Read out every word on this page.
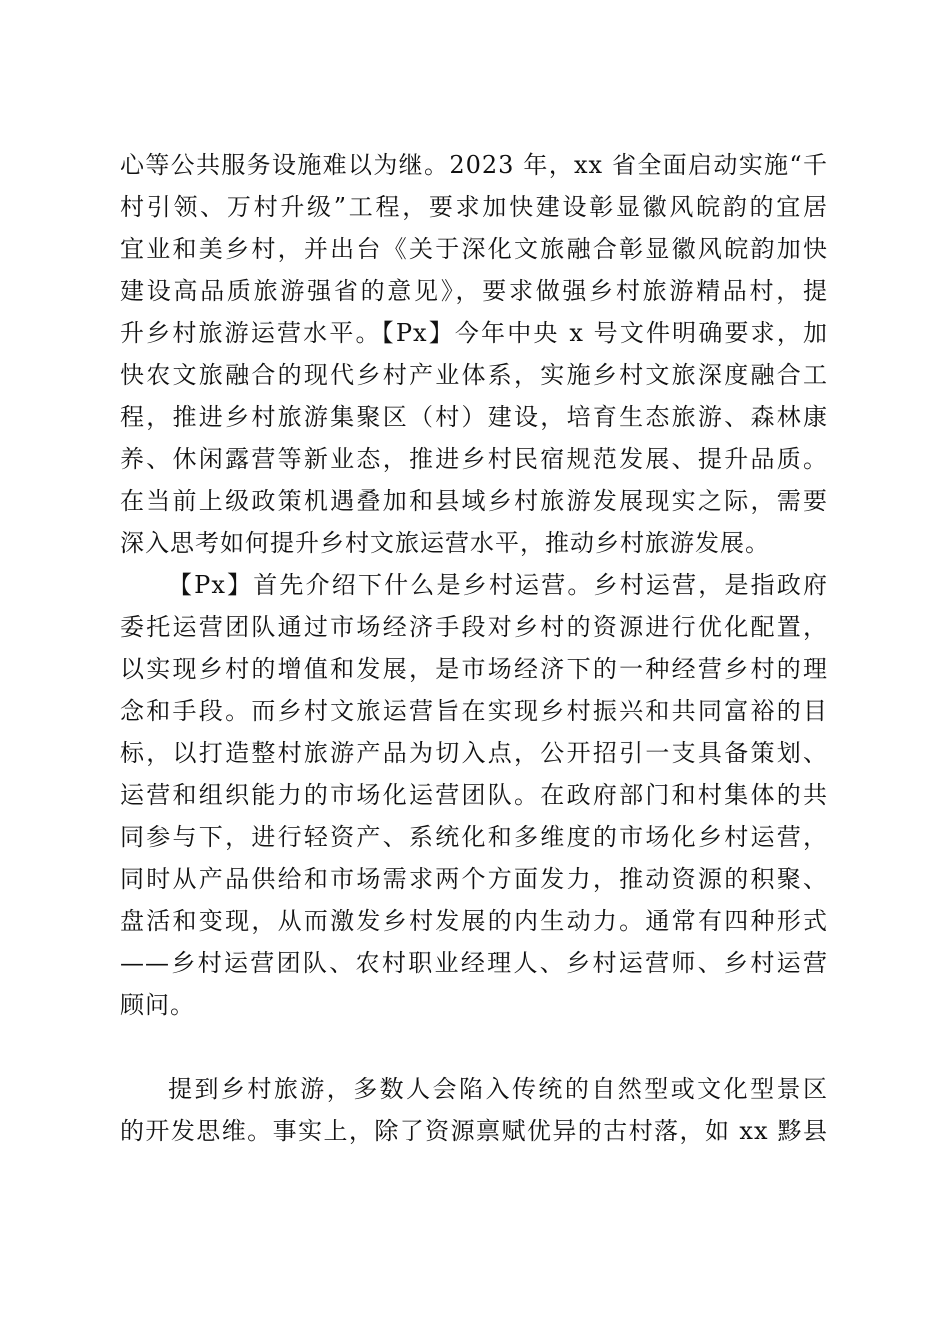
心等公共服务设施难以为继。2023 年，xx 省全面启动实施“千
村引领、万村升级”工程，要求加快建设彰显徽风皖韵的宜居
宜业和美乡村，并出台《关于深化文旅融合彰显徽风皖韵加快
建设高品质旅游强省的意见》，要求做强乡村旅游精品村，提
升乡村旅游运营水平。【Px】今年中央 x 号文件明确要求，加
快农文旅融合的现代乡村产业体系，实施乡村文旅深度融合工
程，推进乡村旅游集聚区（村）建设，培育生态旅游、森林康
养、休闲露营等新业态，推进乡村民宿规范发展、提升品质。
在当前上级政策机遇叠加和县域乡村旅游发展现实之际，需要
深入思考如何提升乡村文旅运营水平，推动乡村旅游发展。
【Px】首先介绍下什么是乡村运营。乡村运营，是指政府
委托运营团队通过市场经济手段对乡村的资源进行优化配置，
以实现乡村的增值和发展，是市场经济下的一种经营乡村的理
念和手段。而乡村文旅运营旨在实现乡村振兴和共同富裕的目
标，以打造整村旅游产品为切入点，公开招引一支具备策划、
运营和组织能力的市场化运营团队。在政府部门和村集体的共
同参与下，进行轻资产、系统化和多维度的市场化乡村运营，
同时从产品供给和市场需求两个方面发力，推动资源的积聚、
盘活和变现，从而激发乡村发展的内生动力。通常有四种形式
——乡村运营团队、农村职业经理人、乡村运营师、乡村运营
顾问。
提到乡村旅游，多数人会陷入传统的自然型或文化型景区
的开发思维。事实上，除了资源禀赋优异的古村落，如 xx 黟县
